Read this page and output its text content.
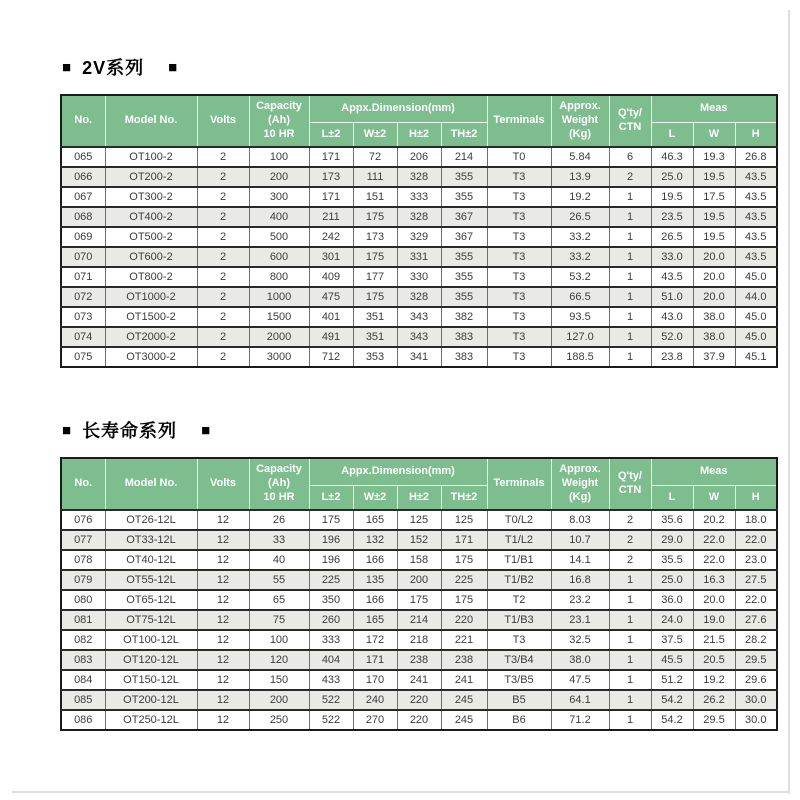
■ 2V系列 ■
No.	Model No.	Volts	Capacity
(Ah)
10 HR	Appx.Dimension(mm)				Terminals	Approx.
Weight
(Kg)	Q'ty/
CTN	Meas		
				L±2	W±2	H±2	TH±2				L	W	H
065	OT100-2	2	100	171	72	206	214	T0	5.84	6	46.3	19.3	26.8
066	OT200-2	2	200	173	111	328	355	T3	13.9	2	25.0	19.5	43.5
067	OT300-2	2	300	171	151	333	355	T3	19.2	1	19.5	17.5	43.5
068	OT400-2	2	400	211	175	328	367	T3	26.5	1	23.5	19.5	43.5
069	OT500-2	2	500	242	173	329	367	T3	33.2	1	26.5	19.5	43.5
070	OT600-2	2	600	301	175	331	355	T3	33.2	1	33.0	20.0	43.5
071	OT800-2	2	800	409	177	330	355	T3	53.2	1	43.5	20.0	45.0
072	OT1000-2	2	1000	475	175	328	355	T3	66.5	1	51.0	20.0	44.0
073	OT1500-2	2	1500	401	351	343	382	T3	93.5	1	43.0	38.0	45.0
074	OT2000-2	2	2000	491	351	343	383	T3	127.0	1	52.0	38.0	45.0
075	OT3000-2	2	3000	712	353	341	383	T3	188.5	1	23.8	37.9	45.1
■ 长寿命系列 ■
No.	Model No.	Volts	Capacity
(Ah)
10 HR	Appx.Dimension(mm)				Terminals	Approx.
Weight
(Kg)	Q'ty/
CTN	Meas		
				L±2	W±2	H±2	TH±2				L	W	H
076	OT26-12L	12	26	175	165	125	125	T0/L2	8.03	2	35.6	20.2	18.0
077	OT33-12L	12	33	196	132	152	171	T1/L2	10.7	2	29.0	22.0	22.0
078	OT40-12L	12	40	196	166	158	175	T1/B1	14.1	2	35.5	22.0	23.0
079	OT55-12L	12	55	225	135	200	225	T1/B2	16.8	1	25.0	16.3	27.5
080	OT65-12L	12	65	350	166	175	175	T2	23.2	1	36.0	20.0	22.0
081	OT75-12L	12	75	260	165	214	220	T1/B3	23.1	1	24.0	19.0	27.6
082	OT100-12L	12	100	333	172	218	221	T3	32.5	1	37.5	21.5	28.2
083	OT120-12L	12	120	404	171	238	238	T3/B4	38.0	1	45.5	20.5	29.5
084	OT150-12L	12	150	433	170	241	241	T3/B5	47.5	1	51.2	19.2	29.6
085	OT200-12L	12	200	522	240	220	245	B5	64.1	1	54.2	26.2	30.0
086	OT250-12L	12	250	522	270	220	245	B6	71.2	1	54.2	29.5	30.0
